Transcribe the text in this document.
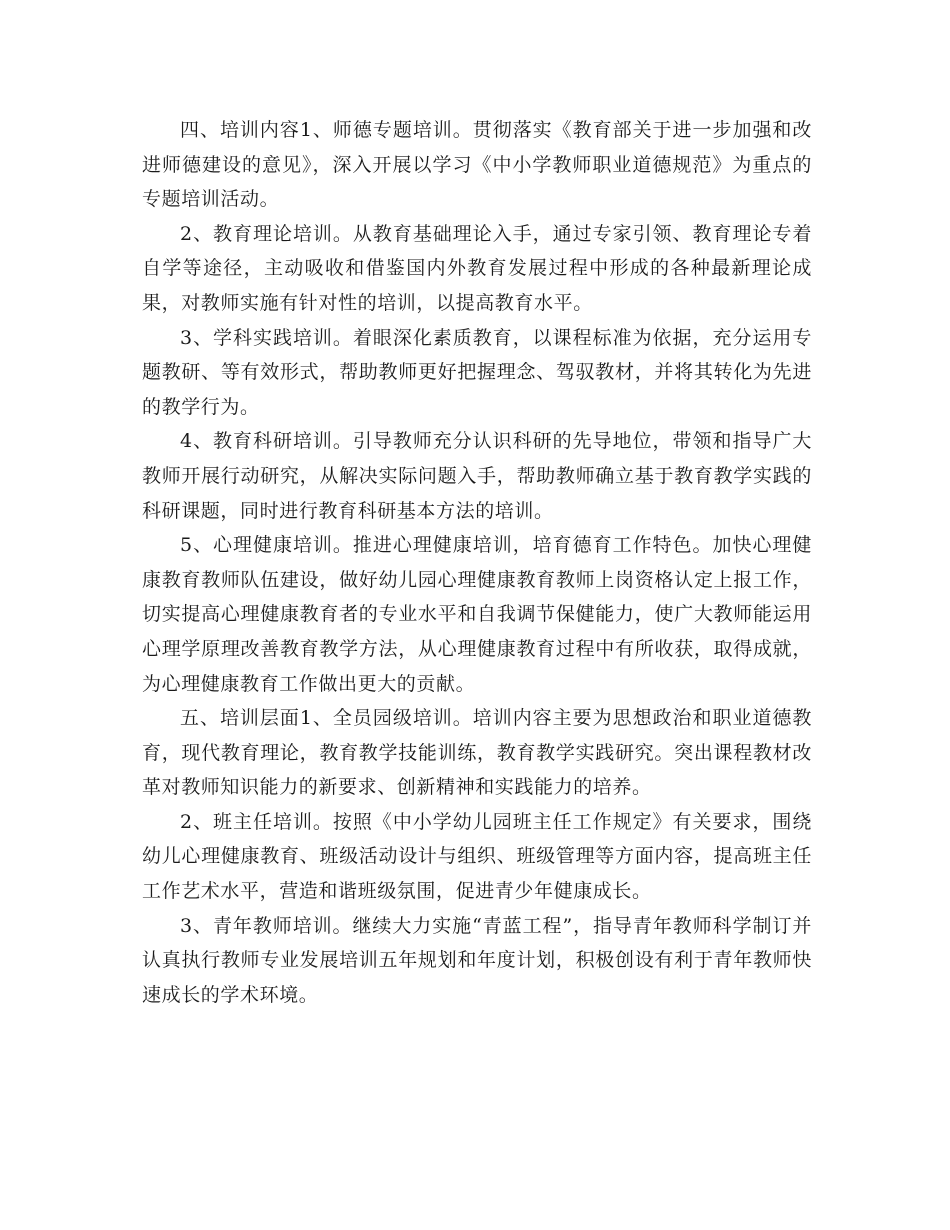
四、培训内容1、师德专题培训。贯彻落实《教育部关于进一步加强和改进师德建设的意见》，深入开展以学习《中小学教师职业道德规范》为重点的专题培训活动。

2、教育理论培训。从教育基础理论入手，通过专家引领、教育理论专着自学等途径，主动吸收和借鉴国内外教育发展过程中形成的各种最新理论成果，对教师实施有针对性的培训，以提高教育水平。

3、学科实践培训。着眼深化素质教育，以课程标准为依据，充分运用专题教研、等有效形式，帮助教师更好把握理念、驾驭教材，并将其转化为先进的教学行为。

4、教育科研培训。引导教师充分认识科研的先导地位，带领和指导广大教师开展行动研究，从解决实际问题入手，帮助教师确立基于教育教学实践的科研课题，同时进行教育科研基本方法的培训。

5、心理健康培训。推进心理健康培训，培育德育工作特色。加快心理健康教育教师队伍建设，做好幼儿园心理健康教育教师上岗资格认定上报工作，切实提高心理健康教育者的专业水平和自我调节保健能力，使广大教师能运用心理学原理改善教育教学方法，从心理健康教育过程中有所收获，取得成就，为心理健康教育工作做出更大的贡献。

五、培训层面1、全员园级培训。培训内容主要为思想政治和职业道德教育，现代教育理论，教育教学技能训练，教育教学实践研究。突出课程教材改革对教师知识能力的新要求、创新精神和实践能力的培养。

2、班主任培训。按照《中小学幼儿园班主任工作规定》有关要求，围绕幼儿心理健康教育、班级活动设计与组织、班级管理等方面内容，提高班主任工作艺术水平，营造和谐班级氛围，促进青少年健康成长。

3、青年教师培训。继续大力实施“青蓝工程”，指导青年教师科学制订并认真执行教师专业发展培训五年规划和年度计划，积极创设有利于青年教师快速成长的学术环境。
